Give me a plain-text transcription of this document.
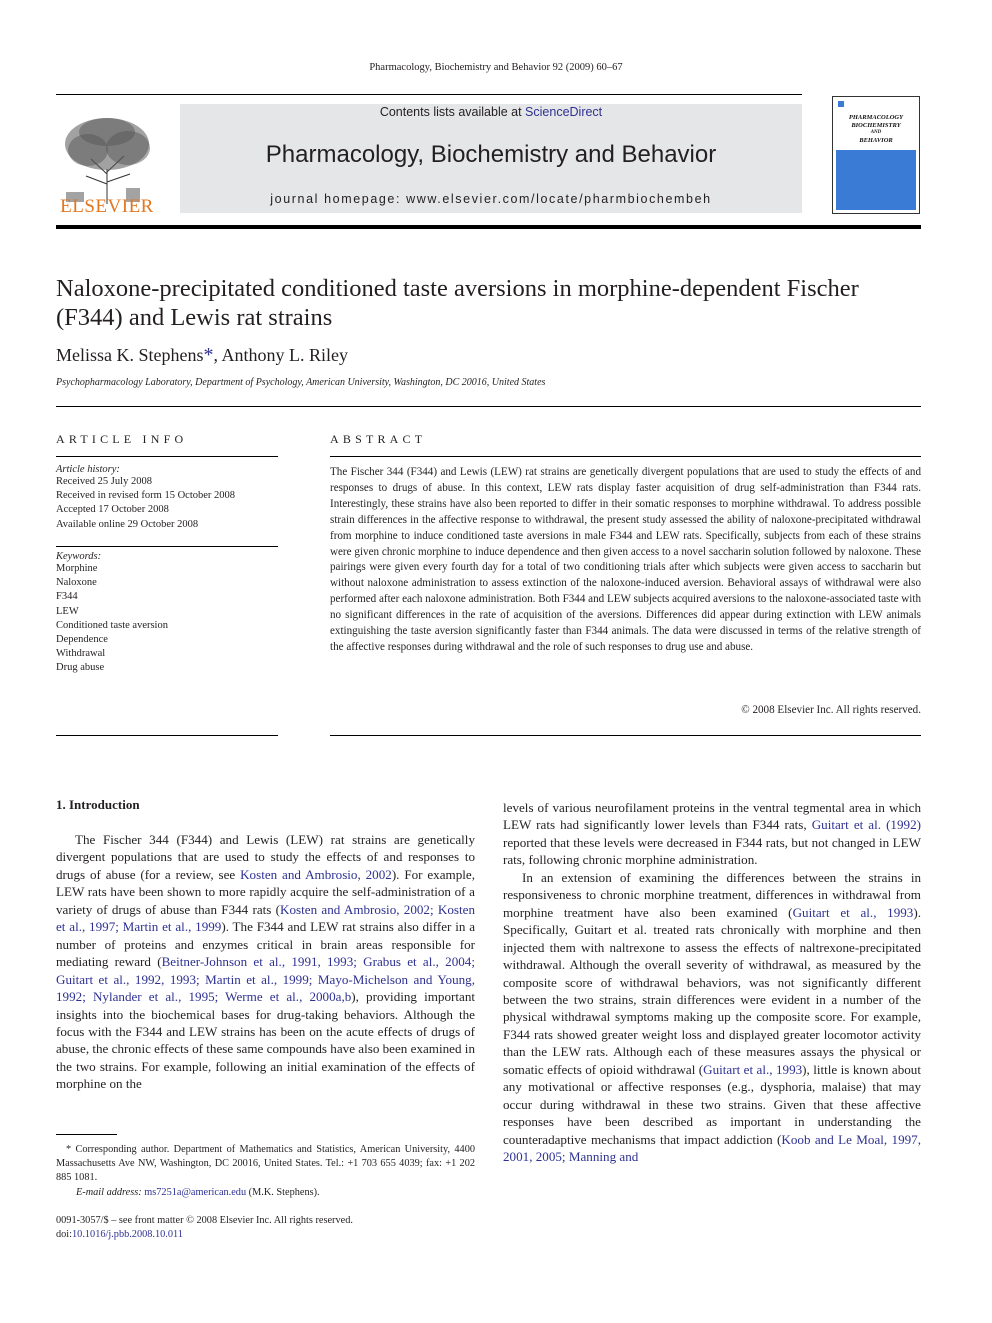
Pharmacology, Biochemistry and Behavior 92 (2009) 60–67
ELSEVIER
Contents lists available at ScienceDirect
Pharmacology, Biochemistry and Behavior
journal homepage: www.elsevier.com/locate/pharmbiochembeh
PHARMACOLOGY
BIOCHEMISTRY
AND
BEHAVIOR
Naloxone-precipitated conditioned taste aversions in morphine-dependent Fischer (F344) and Lewis rat strains
Melissa K. Stephens*, Anthony L. Riley
Psychopharmacology Laboratory, Department of Psychology, American University, Washington, DC 20016, United States
ARTICLE INFO
Article history:
Received 25 July 2008
Received in revised form 15 October 2008
Accepted 17 October 2008
Available online 29 October 2008
Keywords:
Morphine
Naloxone
F344
LEW
Conditioned taste aversion
Dependence
Withdrawal
Drug abuse
ABSTRACT
The Fischer 344 (F344) and Lewis (LEW) rat strains are genetically divergent populations that are used to study the effects of and responses to drugs of abuse. In this context, LEW rats display faster acquisition of drug self-administration than F344 rats. Interestingly, these strains have also been reported to differ in their somatic responses to morphine withdrawal. To address possible strain differences in the affective response to withdrawal, the present study assessed the ability of naloxone-precipitated withdrawal from morphine to induce conditioned taste aversions in male F344 and LEW rats. Specifically, subjects from each of these strains were given chronic morphine to induce dependence and then given access to a novel saccharin solution followed by naloxone. These pairings were given every fourth day for a total of two conditioning trials after which subjects were given access to saccharin but without naloxone administration to assess extinction of the naloxone-induced aversion. Behavioral assays of withdrawal were also performed after each naloxone administration. Both F344 and LEW subjects acquired aversions to the naloxone-associated taste with no significant differences in the rate of acquisition of the aversions. Differences did appear during extinction with LEW animals extinguishing the taste aversion significantly faster than F344 animals. The data were discussed in terms of the relative strength of the affective responses during withdrawal and the role of such responses to drug use and abuse.
© 2008 Elsevier Inc. All rights reserved.
1. Introduction

The Fischer 344 (F344) and Lewis (LEW) rat strains are genetically divergent populations that are used to study the effects of and responses to drugs of abuse (for a review, see Kosten and Ambrosio, 2002). For example, LEW rats have been shown to more rapidly acquire the self-administration of a variety of drugs of abuse than F344 rats (Kosten and Ambrosio, 2002; Kosten et al., 1997; Martin et al., 1999). The F344 and LEW rat strains also differ in a number of proteins and enzymes critical in brain areas responsible for mediating reward (Beitner-Johnson et al., 1991, 1993; Grabus et al., 2004; Guitart et al., 1992, 1993; Martin et al., 1999; Mayo-Michelson and Young, 1992; Nylander et al., 1995; Werme et al., 2000a,b), providing important insights into the biochemical bases for drug-taking behaviors. Although the focus with the F344 and LEW strains has been on the acute effects of drugs of abuse, the chronic effects of these same compounds have also been examined in the two strains. For example, following an initial examination of the effects of morphine on the

levels of various neurofilament proteins in the ventral tegmental area in which LEW rats had significantly lower levels than F344 rats, Guitart et al. (1992) reported that these levels were decreased in F344 rats, but not changed in LEW rats, following chronic morphine administration.

In an extension of examining the differences between the strains in responsiveness to chronic morphine treatment, differences in withdrawal from morphine treatment have also been examined (Guitart et al., 1993). Specifically, Guitart et al. treated rats chronically with morphine and then injected them with naltrexone to assess the effects of naltrexone-precipitated withdrawal. Although the overall severity of withdrawal, as measured by the composite score of withdrawal behaviors, was not significantly different between the two strains, strain differences were evident in a number of the physical withdrawal symptoms making up the composite score. For example, F344 rats showed greater weight loss and displayed greater locomotor activity than the LEW rats. Although each of these measures assays the physical or somatic effects of opioid withdrawal (Guitart et al., 1993), little is known about any motivational or affective responses (e.g., dysphoria, malaise) that may occur during withdrawal in these two strains. Given that these affective responses have been described as important in understanding the counteradaptive mechanisms that impact addiction (Koob and Le Moal, 1997, 2001, 2005; Manning and

* Corresponding author. Department of Mathematics and Statistics, American University, 4400 Massachusetts Ave NW, Washington, DC 20016, United States. Tel.: +1 703 655 4039; fax: +1 202 885 1081.
E-mail address: ms7251a@american.edu (M.K. Stephens).
0091-3057/$ – see front matter © 2008 Elsevier Inc. All rights reserved.
doi:10.1016/j.pbb.2008.10.011
